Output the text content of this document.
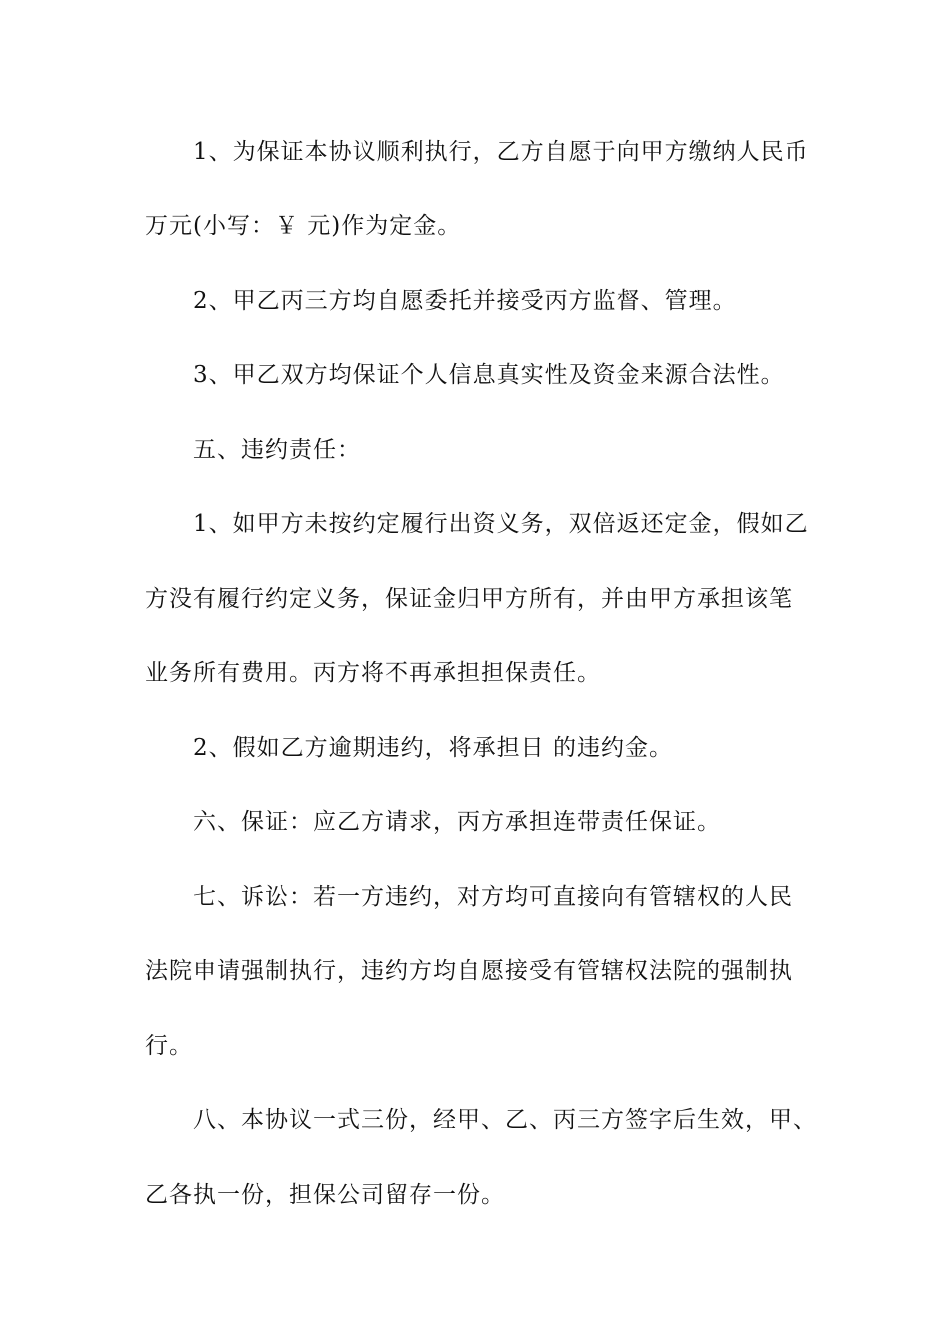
1、为保证本协议顺利执行，乙方自愿于向甲方缴纳人民币
万元(小写：￥ 元)作为定金。
2、甲乙丙三方均自愿委托并接受丙方监督、管理。
3、甲乙双方均保证个人信息真实性及资金来源合法性。
五、违约责任：
1、如甲方未按约定履行出资义务，双倍返还定金，假如乙
方没有履行约定义务，保证金归甲方所有，并由甲方承担该笔
业务所有费用。丙方将不再承担担保责任。
2、假如乙方逾期违约，将承担日 的违约金。
六、保证：应乙方请求，丙方承担连带责任保证。
七、诉讼：若一方违约，对方均可直接向有管辖权的人民
法院申请强制执行，违约方均自愿接受有管辖权法院的强制执
行。
八、本协议一式三份，经甲、乙、丙三方签字后生效，甲、
乙各执一份，担保公司留存一份。
